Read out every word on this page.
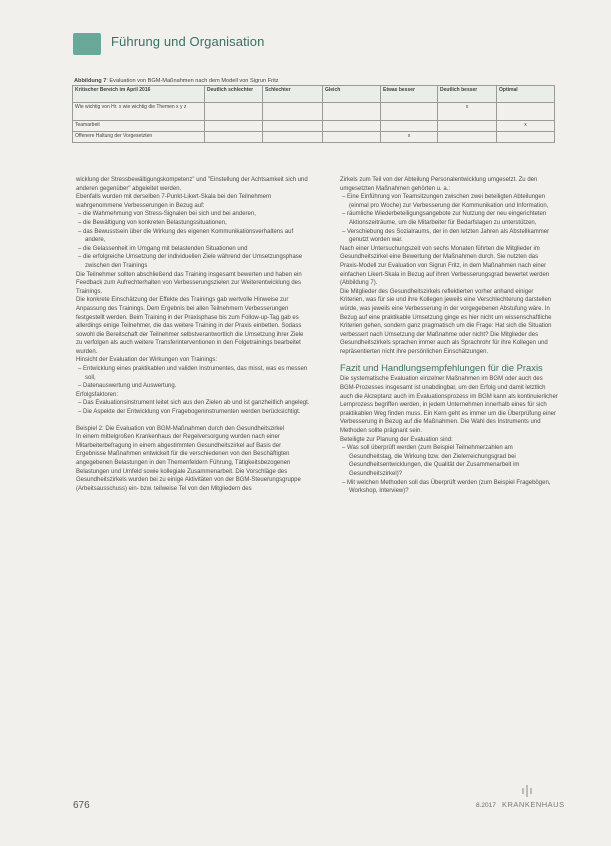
Führung und Organisation
Abbildung 7: Evaluation von BGM-Maßnahmen nach dem Modell von Sigrun Fritz
Kritischer Bereich im April 2016	Deutlich schlechter	Schlechter	Gleich	Etwas besser	Deutlich besser	Optimal
Wie wichtig von Hr. x wie wichtig die Themen x y z					x	
Teamarbeit						x
Offenere Haltung der Vorgesetzten				x		

wicklung der Stressbewältigungskompetenz" und "Einstellung der Achtsamkeit sich und anderen gegenüber" abgeleitet werden.

Ebenfalls wurden mit derselben 7-Punkt-Likert-Skala bei den Teilnehmern wahrgenommene Verbesserungen in Bezug auf:

– die Wahrnehmung von Stress-Signalen bei sich und bei anderen,

– die Bewältigung von konkreten Belastungssituationen,

– das Bewusstsein über die Wirkung des eigenen Kommunikationsverhaltens auf andere,

– die Gelassenheit im Umgang mit belastenden Situationen und

– die erfolgreiche Umsetzung der individuellen Ziele während der Umsetzungsphase zwischen den Trainings

Die Teilnehmer sollten abschließend das Training insgesamt bewerten und haben ein Feedback zum Aufrechterhalten von Verbesserungszielen zur Weiterentwicklung des Trainings.

Die konkrete Einschätzung der Effekte des Trainings gab wertvolle Hinweise zur Anpassung des Trainings. Dem Ergebnis bei allen Teilnehmern Verbesserungen festgestellt werden. Beim Training in der Praxisphase bis zum Follow-up-Tag gab es allerdings einige Teilnehmer, die das weitere Training in der Praxis einbetten. Sodass sowohl die Bereitschaft der Teilnehmer selbstverantwortlich die Umsetzung ihrer Ziele zu verfolgen als auch weitere Transferinterventionen in den Folgetrainings bearbeitet wurden.

Hinsicht der Evaluation der Wirkungen von Trainings:

– Entwicklung eines praktikablen und validen Instrumentes, das misst, was es messen soll,

– Datenauswertung und Auswertung.

Erfolgsfaktoren:

– Das Evaluationsinstrument leitet sich aus den Zielen ab und ist ganzheitlich angelegt.

– Die Aspekte der Entwicklung von Fragebogeninstrumenten werden berücksichtigt.

Beispiel 2: Die Evaluation von BGM-Maßnahmen durch den Gesundheitszirkel

In einem mittelgroßen Krankenhaus der Regelversorgung wurden nach einer Mitarbeiterbefragung in einem abgestimmten Gesundheitszirkel auf Basis der Ergebnisse Maßnahmen entwickelt für die verschiedenen von den Beschäftigten angegebenen Belastungen in den Themenfeldern Führung, Tätigkeitsbezogenen Belastungen und Umfeld sowie kollegiale Zusammenarbeit. Die Vorschläge des Gesundheitszirkels wurden bei zu einige Aktivitäten von der BGM-Steuerungsgruppe (Arbeitsausschuss) ein- bzw. teilweise Tel von den Mitgliedern des

Zirkels zum Teil von der Abteilung Personalentwicklung umgesetzt. Zu den umgesetzten Maßnahmen gehörten u. a.:

– Eine Einführung von Teamsitzungen zwischen zwei beteiligten Abteilungen (einmal pro Woche) zur Verbesserung der Kommunikation und Information,

– räumliche Wiederbeteiligungsangebote zur Nutzung der neu eingerichteten Aktionszeiträume, um die Mitarbeiter für Bedarfslagen zu unterstützen,

– Verschiebung des Sozialraums, der in den letzten Jahren als Abstellkammer genutzt worden war.

Nach einer Untersuchungszeit von sechs Monaten führten die Mitglieder im Gesundheitszirkel eine Bewertung der Maßnahmen durch. Sie nutzten das Praxis-Modell zur Evaluation von Sigrun Fritz, in dem Maßnahmen nach einer einfachen Likert-Skala in Bezug auf ihren Verbesserungsgrad bewertet werden (Abbildung 7).

Die Mitglieder des Gesundheitszirkels reflektierten vorher anhand einiger Kriterien, was für sie und ihre Kollegen jeweils eine Verschlechterung darstellen würde, was jeweils eine Verbesserung in der vorgegebenen Abstufung wäre. In Bezug auf eine praktikable Umsetzung ginge es hier nicht um wissenschaftliche Kriterien gehen, sondern ganz pragmatisch um die Frage: Hat sich die Situation verbessert nach Umsetzung der Maßnahme oder nicht? Die Mitglieder des Gesundheitszirkels sprachen immer auch als Sprachrohr für ihre Kollegen und repräsentierten nicht ihre persönlichen Einschätzungen.

Fazit und Handlungsempfehlungen für die Praxis

Die systematische Evaluation einzelner Maßnahmen im BGM oder auch des BGM-Prozesses insgesamt ist unabdingbar, um den Erfolg und damit letztlich auch die Akzeptanz auch im Evaluationsprozess im BGM kann als kontinuierlicher Lernprozess begriffen werden, in jedem Unternehmen innerhalb eines für sich praktikablen Weg finden muss. Ein Kern geht es immer um die Überprüfung einer Verbesserung in Bezug auf die Maßnahmen. Die Wahl des Instruments und Methoden sollte prägnant sein.

Beteiligte zur Planung der Evaluation sind:

– Was soll überprüft werden (zum Beispiel Teilnehmerzahlen am Gesundheitstag, die Wirkung bzw. den Zielerreichungsgrad bei Gesundheitsentwicklungen, die Qualität der Zusammenarbeit im Gesundheitszirkel)?

– Mit welchen Methoden soll das Überprüft werden (zum Beispiel Fragebögen, Workshop, Interview)?

676	8.2017 KRANKENHAUS
